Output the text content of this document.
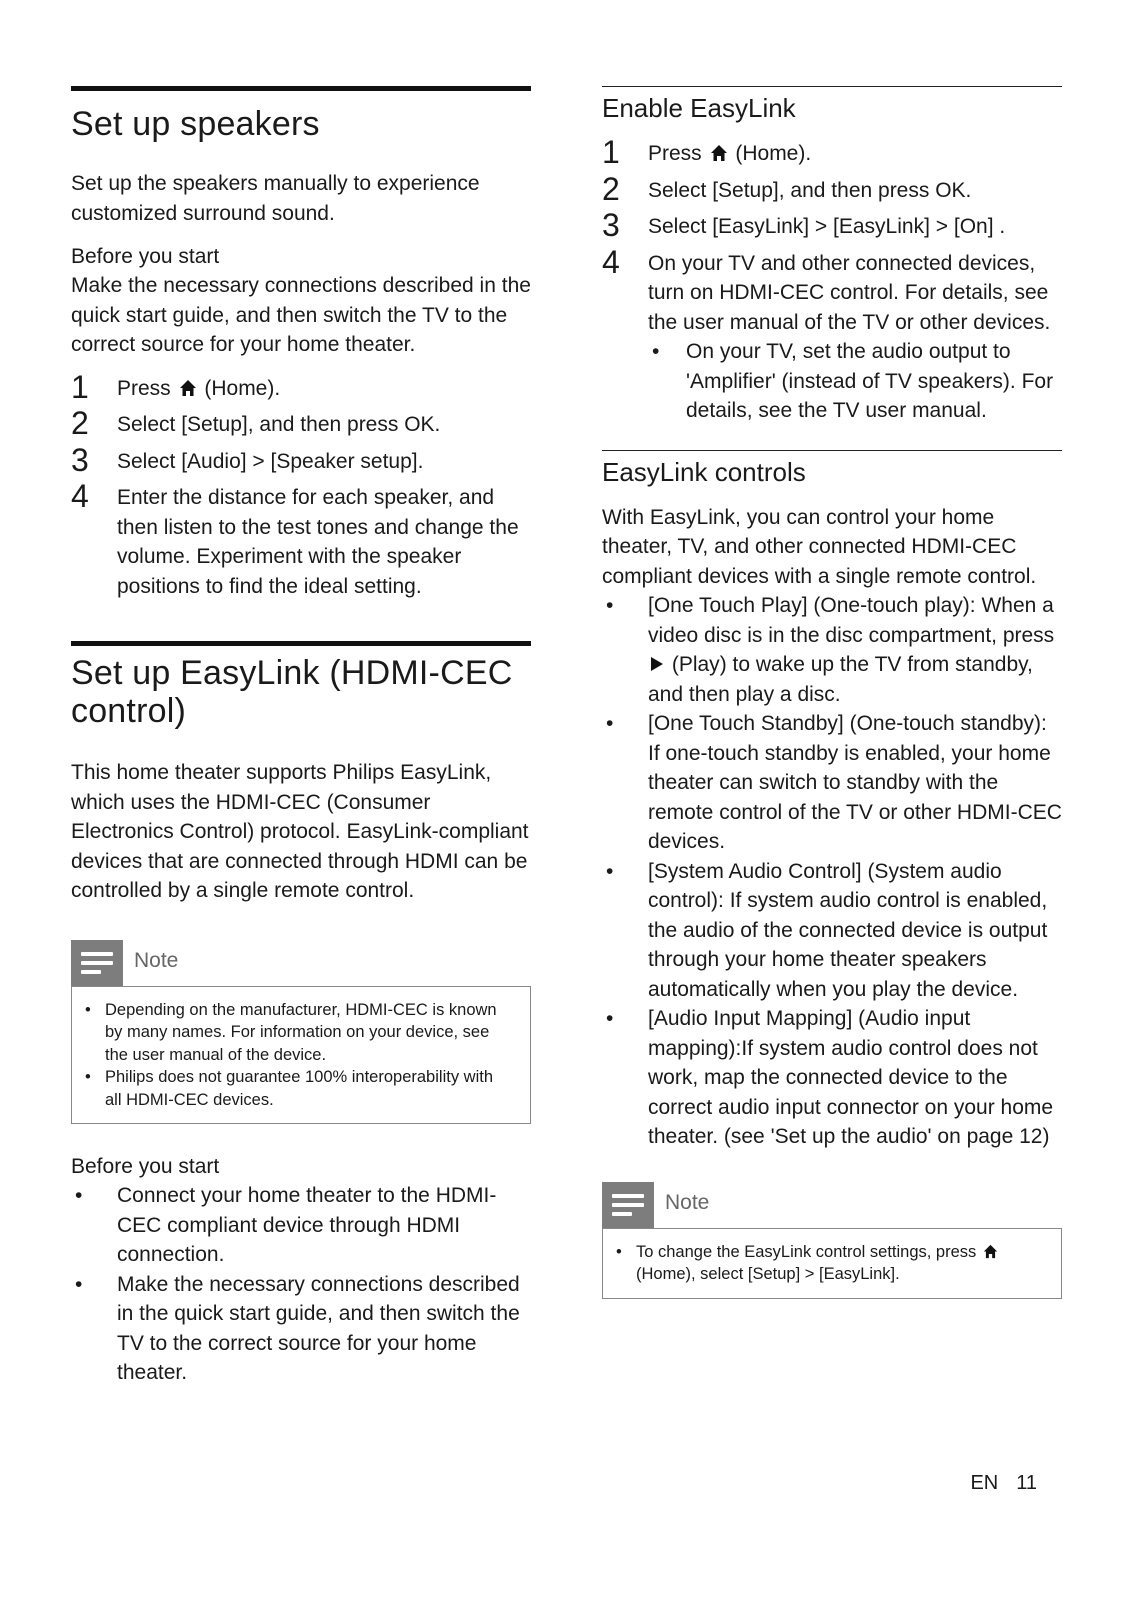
Set up speakers

Set up the speakers manually to experience customized surround sound.

Before you start

Make the necessary connections described in the quick start guide, and then switch the TV to the correct source for your home theater.

1 Press  (Home).
2 Select [Setup], and then press OK.
3 Select [Audio] > [Speaker setup].
4 Enter the distance for each speaker, and then listen to the test tones and change the volume. Experiment with the speaker positions to find the ideal setting.
Set up EasyLink (HDMI-CEC control)

This home theater supports Philips EasyLink, which uses the HDMI-CEC (Consumer Electronics Control) protocol. EasyLink-compliant devices that are connected through HDMI can be controlled by a single remote control.

Note
• Depending on the manufacturer, HDMI-CEC is known by many names. For information on your device, see the user manual of the device.
• Philips does not guarantee 100% interoperability with all HDMI-CEC devices.
Before you start
• Connect your home theater to the HDMI-CEC compliant device through HDMI connection.
• Make the necessary connections described in the quick start guide, and then switch the TV to the correct source for your home theater.
Enable EasyLink
1 Press  (Home).
2 Select [Setup], and then press OK.
3 Select [EasyLink] > [EasyLink] > [On] .
4 On your TV and other connected devices, turn on HDMI-CEC control. For details, see the user manual of the TV or other devices.
• On your TV, set the audio output to 'Amplifier' (instead of TV speakers). For details, see the TV user manual.
EasyLink controls

With EasyLink, you can control your home theater, TV, and other connected HDMI-CEC compliant devices with a single remote control.

• [One Touch Play] (One-touch play): When a video disc is in the disc compartment, press  (Play) to wake up the TV from standby, and then play a disc.
• [One Touch Standby] (One-touch standby): If one-touch standby is enabled, your home theater can switch to standby with the remote control of the TV or other HDMI-CEC devices.
• [System Audio Control] (System audio control): If system audio control is enabled, the audio of the connected device is output through your home theater speakers automatically when you play the device.
• [Audio Input Mapping] (Audio input mapping):If system audio control does not work, map the connected device to the correct audio input connector on your home theater. (see 'Set up the audio' on page 12)
Note
• To change the EasyLink control settings, press
(Home), select [Setup] > [EasyLink].
EN 11
